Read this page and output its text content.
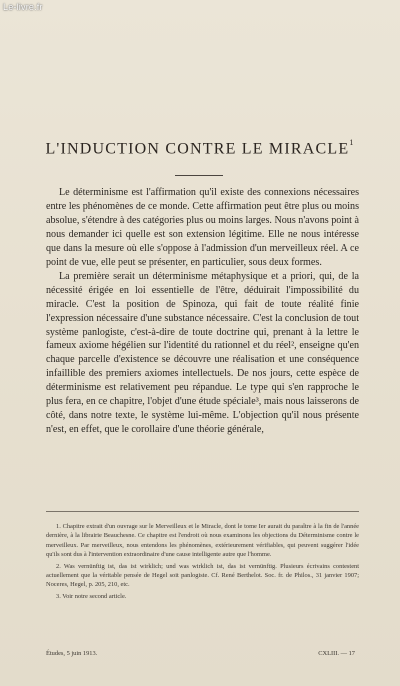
Le-livre.fr
L'INDUCTION CONTRE LE MIRACLE$^1$

Le déterminisme est l'affirmation qu'il existe des connexions nécessaires entre les phénomènes de ce monde. Cette affirmation peut être plus ou moins absolue, s'étendre à des catégories plus ou moins larges. Nous n'avons point à nous demander ici quelle est son extension légitime. Elle ne nous intéresse que dans la mesure où elle s'oppose à l'admission d'un merveilleux réel. A ce point de vue, elle peut se présenter, en particulier, sous deux formes.

La première serait un déterminisme métaphysique et a priori, qui, de la nécessité érigée en loi essentielle de l'être, déduirait l'impossibilité du miracle. C'est la position de Spinoza, qui fait de toute réalité finie l'expression nécessaire d'une substance nécessaire. C'est la conclusion de tout système panlogiste, c'est-à-dire de toute doctrine qui, prenant à la lettre le fameux axiome hégélien sur l'identité du rationnel et du réel², enseigne qu'en chaque parcelle d'existence se découvre une réalisation et une conséquence infaillible des premiers axiomes intellectuels. De nos jours, cette espèce de déterminisme est relativement peu répandue. Le type qui s'en rapproche le plus fera, en ce chapitre, l'objet d'une étude spéciale³, mais nous laisserons de côté, dans notre texte, le système lui-même. L'objection qu'il nous présente n'est, en effet, que le corollaire d'une théorie générale,

1. Chapitre extrait d'un ouvrage sur le Merveilleux et le Miracle, dont le tome Ier aurait du paraître à la fin de l'année dernière, à la librairie Beauchesne. Ce chapitre est l'endroit où nous examinons les objections du Déterminisme contre le merveilleux. Par merveilleux, nous entendons les phénomènes, extérieurement vérifiables, qui peuvent suggérer l'idée qu'ils sont dus à l'intervention extraordinaire d'une cause intelligente autre que l'homme.

2. Was vernünftig ist, das ist wirklich; und was wirklich ist, das ist vernünftig. Plusieurs écrivains contestent actuellement que la véritable pensée de Hegel soit panlogiste. Cf. René Berthelot. Soc. fr. de Philos., 31 janvier 1907; Noceres, Hegel, p. 205, 210, etc.

3. Voir notre second article.

Études, 5 juin 1913.	CXLIII. — 17
